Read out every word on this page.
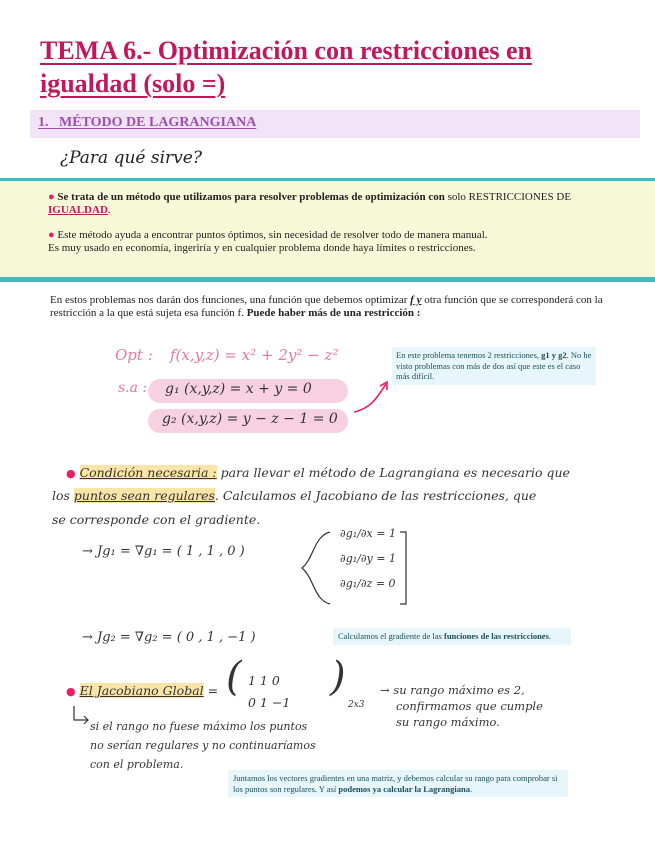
TEMA 6.- Optimización con restricciones en igualdad (solo =)
1. MÉTODO DE LAGRANGIANA
¿Para qué sirve?
● Se trata de un método que utilizamos para resolver problemas de optimización con solo RESTRICCIONES DE IGUALDAD.
● Este método ayuda a encontrar puntos óptimos, sin necesidad de resolver todo de manera manual.
Es muy usado en economía, ingeriría y en cualquier problema donde haya límites o restricciones.
En estos problemas nos darán dos funciones, una función que debemos optimizar f y otra función que se corresponderá con la restricción a la que está sujeta esa función f. Puede haber más de una restricción :
Opt : f(x,y,z) = x² + 2y² − z²
s.a : g₁ (x,y,z) = x + y = 0
g₂ (x,y,z) = y − z − 1 = 0
En este problema tenemos 2 restricciones, g1 y g2. No he visto problemas con más de dos así que este es el caso más difícil.
● Condición necesaria : para llevar el método de Lagrangiana es necesario que
los puntos sean regulares. Calculamos el Jacobiano de las restricciones, que
se corresponde con el gradiente.
→ Jg₁ = ∇g₁ = ( 1 , 1 , 0 )
∂g₁/∂x = 1
∂g₁/∂y = 1
∂g₁/∂z = 0
→ Jg₂ = ∇g₂ = ( 0 , 1 , −1 )	Calculamos el gradiente de las funciones de las restricciones.
● El Jacobiano Global = ( 1 1 0
0 1 −1
)
2x3
→ su rango máximo es 2,
confirmamos que cumple
su rango máximo.
si el rango no fuese máximo los puntos
no serían regulares y no continuaríamos
con el problema.
Juntamos los vectores gradientes en una matriz, y debemos calcular su rango para comprobar si los puntos son regulares. Y así podemos ya calcular la Lagrangiana.
